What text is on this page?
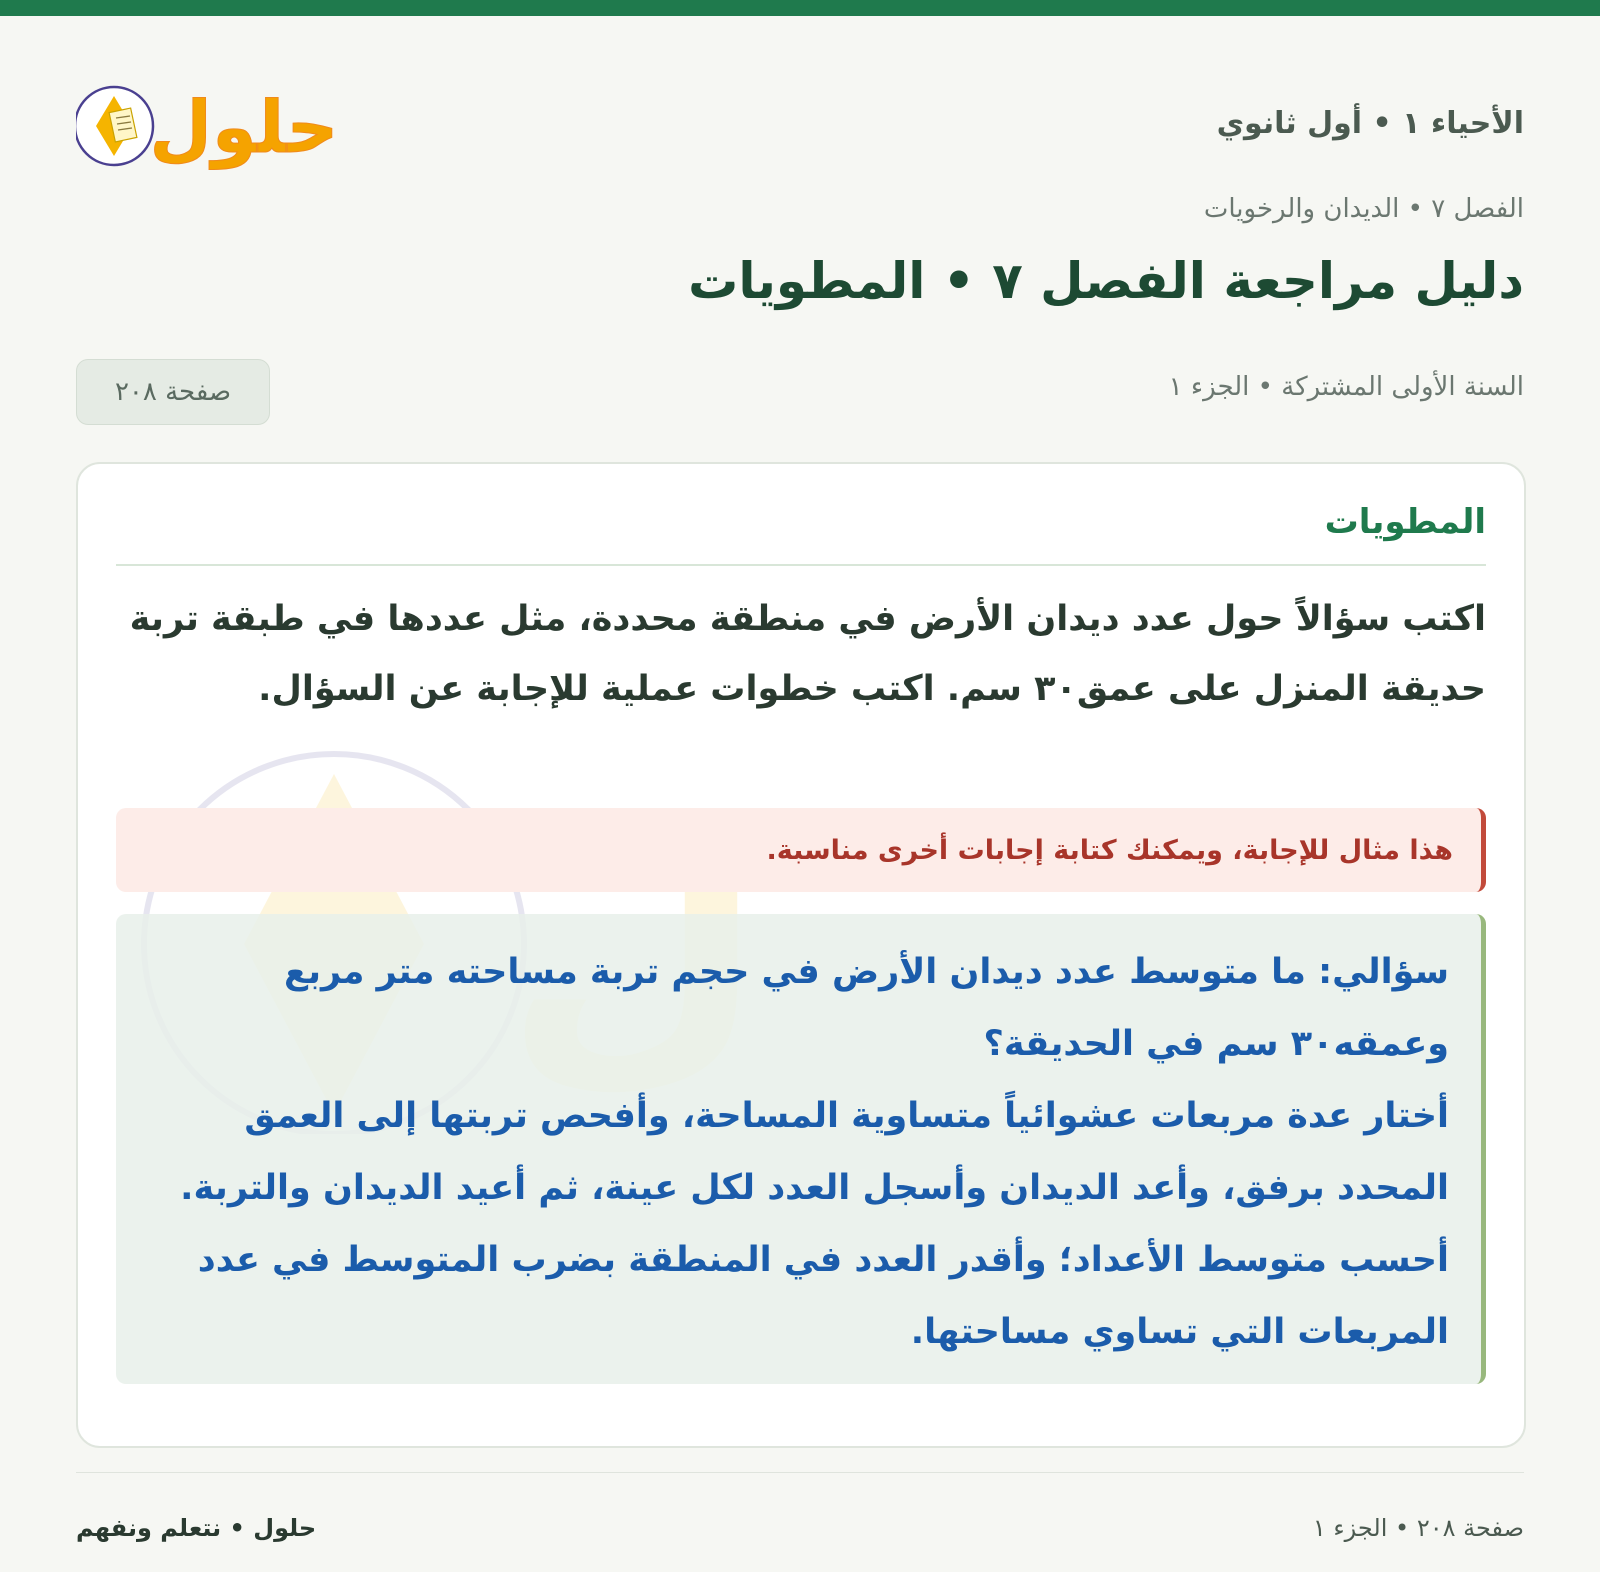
الأحياء ١ • أول ثانوي
حلول
الفصل ٧ • الديدان والرخويات
دليل مراجعة الفصل ٧ • المطويات
السنة الأولى المشتركة • الجزء ١
صفحة ٢٠٨
المطويات

اكتب سؤالاً حول عدد ديدان الأرض في منطقة محددة، مثل عددها في طبقة تربة حديقة المنزل على عمق٣٠ سم. اكتب خطوات عملية للإجابة عن السؤال.

هذا مثال للإجابة، ويمكنك كتابة إجابات أخرى مناسبة.

سؤالي: ما متوسط عدد ديدان الأرض في حجم تربة مساحته متر مربع وعمقه٣٠ سم في الحديقة؟

أختار عدة مربعات عشوائياً متساوية المساحة، وأفحص تربتها إلى العمق المحدد برفق، وأعد الديدان وأسجل العدد لكل عينة، ثم أعيد الديدان والتربة. أحسب متوسط الأعداد؛ وأقدر العدد في المنطقة بضرب المتوسط في عدد المربعات التي تساوي مساحتها.

حلول • نتعلم ونفهم	صفحة ٢٠٨ • الجزء ١
